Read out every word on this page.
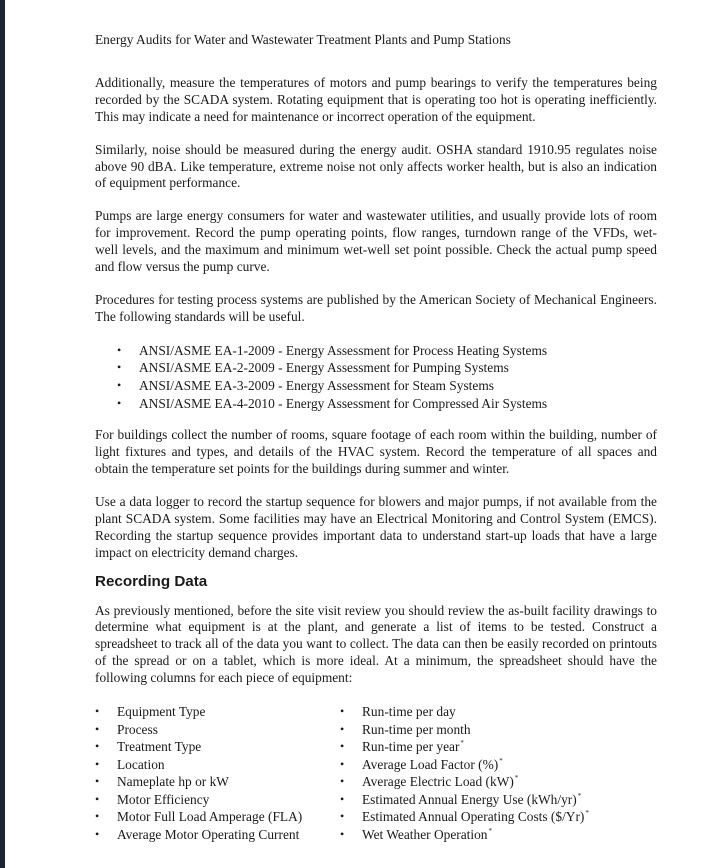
Energy Audits for Water and Wastewater Treatment Plants and Pump Stations

Additionally, measure the temperatures of motors and pump bearings to verify the temperatures being recorded by the SCADA system. Rotating equipment that is operating too hot is operating inefficiently. This may indicate a need for maintenance or incorrect operation of the equipment.

Similarly, noise should be measured during the energy audit. OSHA standard 1910.95 regulates noise above 90 dBA. Like temperature, extreme noise not only affects worker health, but is also an indication of equipment performance.

Pumps are large energy consumers for water and wastewater utilities, and usually provide lots of room for improvement. Record the pump operating points, flow ranges, turndown range of the VFDs, wet-well levels, and the maximum and minimum wet-well set point possible. Check the actual pump speed and flow versus the pump curve.

Procedures for testing process systems are published by the American Society of Mechanical Engineers. The following standards will be useful.

• ANSI/ASME EA-1-2009 - Energy Assessment for Process Heating Systems
• ANSI/ASME EA-2-2009 - Energy Assessment for Pumping Systems
• ANSI/ASME EA-3-2009 - Energy Assessment for Steam Systems
• ANSI/ASME EA-4-2010 - Energy Assessment for Compressed Air Systems

For buildings collect the number of rooms, square footage of each room within the building, number of light fixtures and types, and details of the HVAC system. Record the temperature of all spaces and obtain the temperature set points for the buildings during summer and winter.

Use a data logger to record the startup sequence for blowers and major pumps, if not available from the plant SCADA system. Some facilities may have an Electrical Monitoring and Control System (EMCS). Recording the startup sequence provides important data to understand start-up loads that have a large impact on electricity demand charges.

Recording Data

As previously mentioned, before the site visit review you should review the as-built facility drawings to determine what equipment is at the plant, and generate a list of items to be tested. Construct a spreadsheet to track all of the data you want to collect. The data can then be easily recorded on printouts of the spread or on a tablet, which is more ideal. At a minimum, the spreadsheet should have the following columns for each piece of equipment:

• Equipment Type
• Process
• Treatment Type
• Location
• Nameplate hp or kW
• Motor Efficiency
• Motor Full Load Amperage (FLA)
• Average Motor Operating Current
• Run-time per day
• Run-time per month
• Run-time per year*
• Average Load Factor (%)*
• Average Electric Load (kW)*
• Estimated Annual Energy Use (kWh/yr)*
• Estimated Annual Operating Costs ($/Yr)*
• Wet Weather Operation*
